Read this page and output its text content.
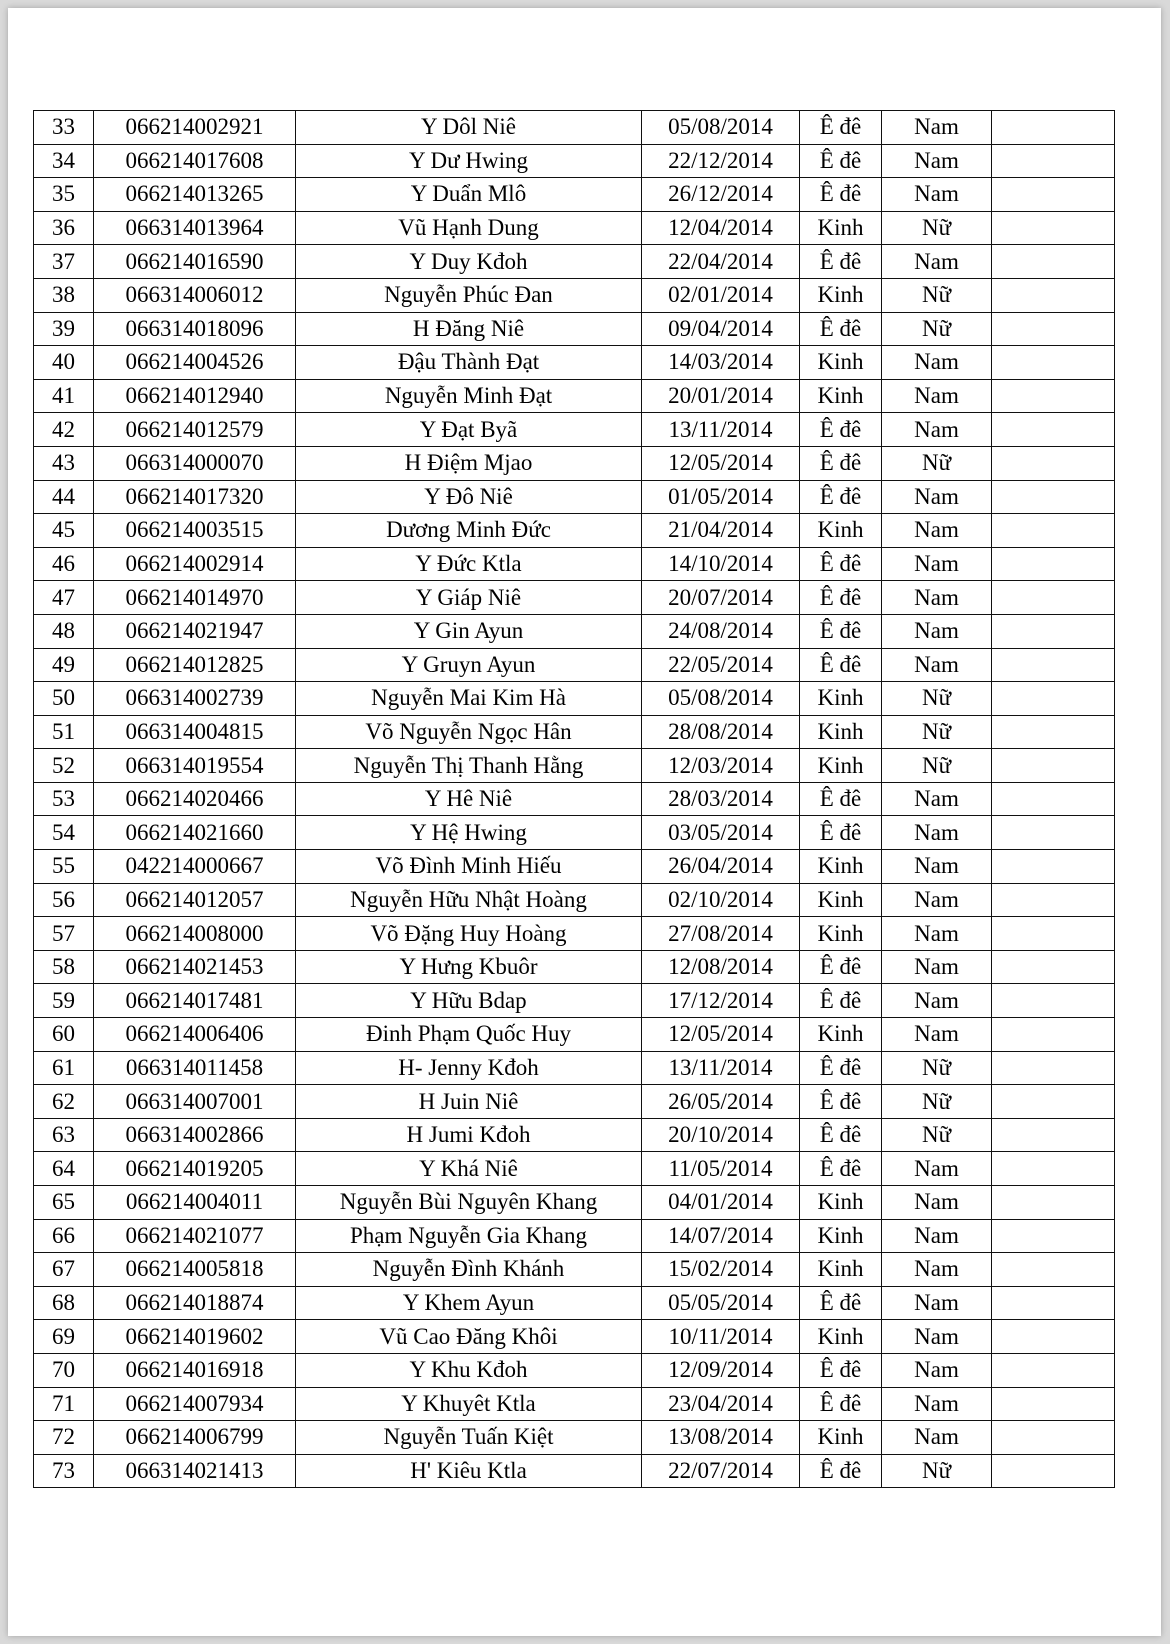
33	066214002921	Y Dôl Niê	05/08/2014	Ê đê	Nam	
34	066214017608	Y Dư Hwing	22/12/2014	Ê đê	Nam	
35	066214013265	Y Duẩn Mlô	26/12/2014	Ê đê	Nam	
36	066314013964	Vũ Hạnh Dung	12/04/2014	Kinh	Nữ	
37	066214016590	Y Duy Kđoh	22/04/2014	Ê đê	Nam	
38	066314006012	Nguyễn Phúc Đan	02/01/2014	Kinh	Nữ	
39	066314018096	H Đăng Niê	09/04/2014	Ê đê	Nữ	
40	066214004526	Đậu Thành Đạt	14/03/2014	Kinh	Nam	
41	066214012940	Nguyễn Minh Đạt	20/01/2014	Kinh	Nam	
42	066214012579	Y Đạt Byã	13/11/2014	Ê đê	Nam	
43	066314000070	H Điệm Mjao	12/05/2014	Ê đê	Nữ	
44	066214017320	Y Đô Niê	01/05/2014	Ê đê	Nam	
45	066214003515	Dương Minh Đức	21/04/2014	Kinh	Nam	
46	066214002914	Y Đức Ktla	14/10/2014	Ê đê	Nam	
47	066214014970	Y Giáp Niê	20/07/2014	Ê đê	Nam	
48	066214021947	Y Gin Ayun	24/08/2014	Ê đê	Nam	
49	066214012825	Y Gruyn Ayun	22/05/2014	Ê đê	Nam	
50	066314002739	Nguyễn Mai Kim Hà	05/08/2014	Kinh	Nữ	
51	066314004815	Võ Nguyễn Ngọc Hân	28/08/2014	Kinh	Nữ	
52	066314019554	Nguyễn Thị Thanh Hằng	12/03/2014	Kinh	Nữ	
53	066214020466	Y Hê Niê	28/03/2014	Ê đê	Nam	
54	066214021660	Y Hệ Hwing	03/05/2014	Ê đê	Nam	
55	042214000667	Võ Đình Minh Hiếu	26/04/2014	Kinh	Nam	
56	066214012057	Nguyễn Hữu Nhật Hoàng	02/10/2014	Kinh	Nam	
57	066214008000	Võ Đặng Huy Hoàng	27/08/2014	Kinh	Nam	
58	066214021453	Y Hưng Kbuôr	12/08/2014	Ê đê	Nam	
59	066214017481	Y Hữu Bdap	17/12/2014	Ê đê	Nam	
60	066214006406	Đinh Phạm Quốc Huy	12/05/2014	Kinh	Nam	
61	066314011458	H- Jenny Kđoh	13/11/2014	Ê đê	Nữ	
62	066314007001	H Juin Niê	26/05/2014	Ê đê	Nữ	
63	066314002866	H Jumi Kđoh	20/10/2014	Ê đê	Nữ	
64	066214019205	Y Khá Niê	11/05/2014	Ê đê	Nam	
65	066214004011	Nguyễn Bùi Nguyên Khang	04/01/2014	Kinh	Nam	
66	066214021077	Phạm Nguyễn Gia Khang	14/07/2014	Kinh	Nam	
67	066214005818	Nguyễn Đình Khánh	15/02/2014	Kinh	Nam	
68	066214018874	Y Khem Ayun	05/05/2014	Ê đê	Nam	
69	066214019602	Vũ Cao Đăng Khôi	10/11/2014	Kinh	Nam	
70	066214016918	Y Khu Kđoh	12/09/2014	Ê đê	Nam	
71	066214007934	Y Khuyêt Ktla	23/04/2014	Ê đê	Nam	
72	066214006799	Nguyễn Tuấn Kiệt	13/08/2014	Kinh	Nam	
73	066314021413	H' Kiêu Ktla	22/07/2014	Ê đê	Nữ	
